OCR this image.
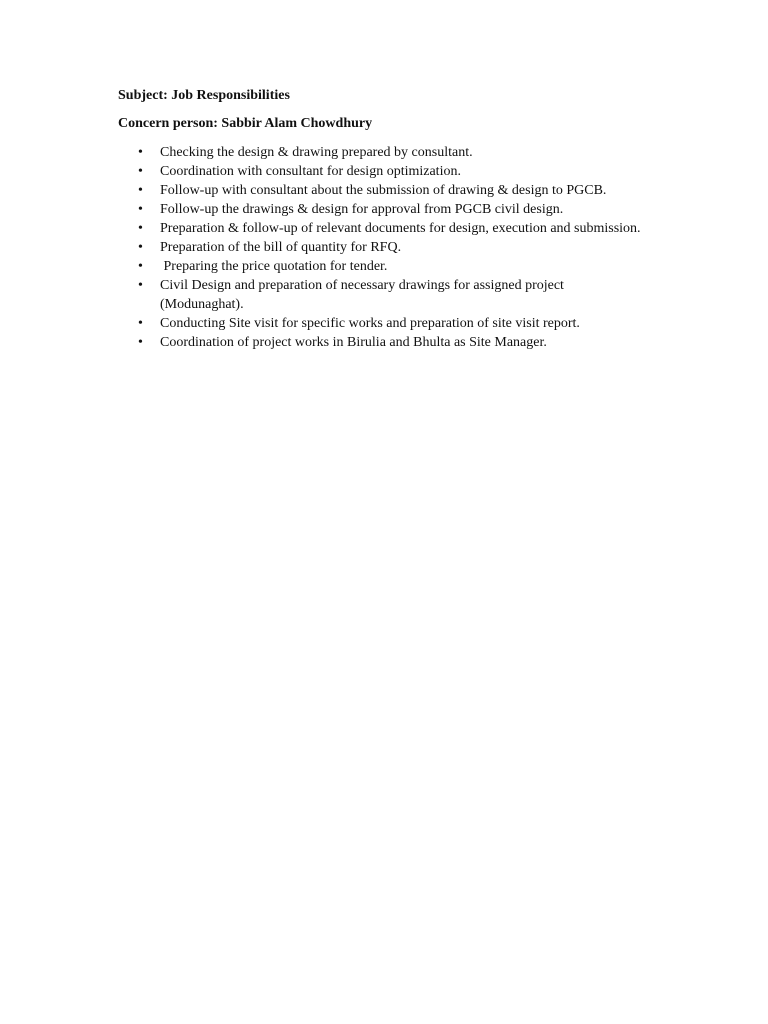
Subject: Job Responsibilities
Concern person: Sabbir Alam Chowdhury
• Checking the design & drawing prepared by consultant.
• Coordination with consultant for design optimization.
• Follow-up with consultant about the submission of drawing & design to PGCB.
• Follow-up the drawings & design for approval from PGCB civil design.
• Preparation & follow-up of relevant documents for design, execution and submission.
• Preparation of the bill of quantity for RFQ.
• Preparing the price quotation for tender.
• Civil Design and preparation of necessary drawings for assigned project
(Modunaghat).
• Conducting Site visit for specific works and preparation of site visit report.
• Coordination of project works in Birulia and Bhulta as Site Manager.
